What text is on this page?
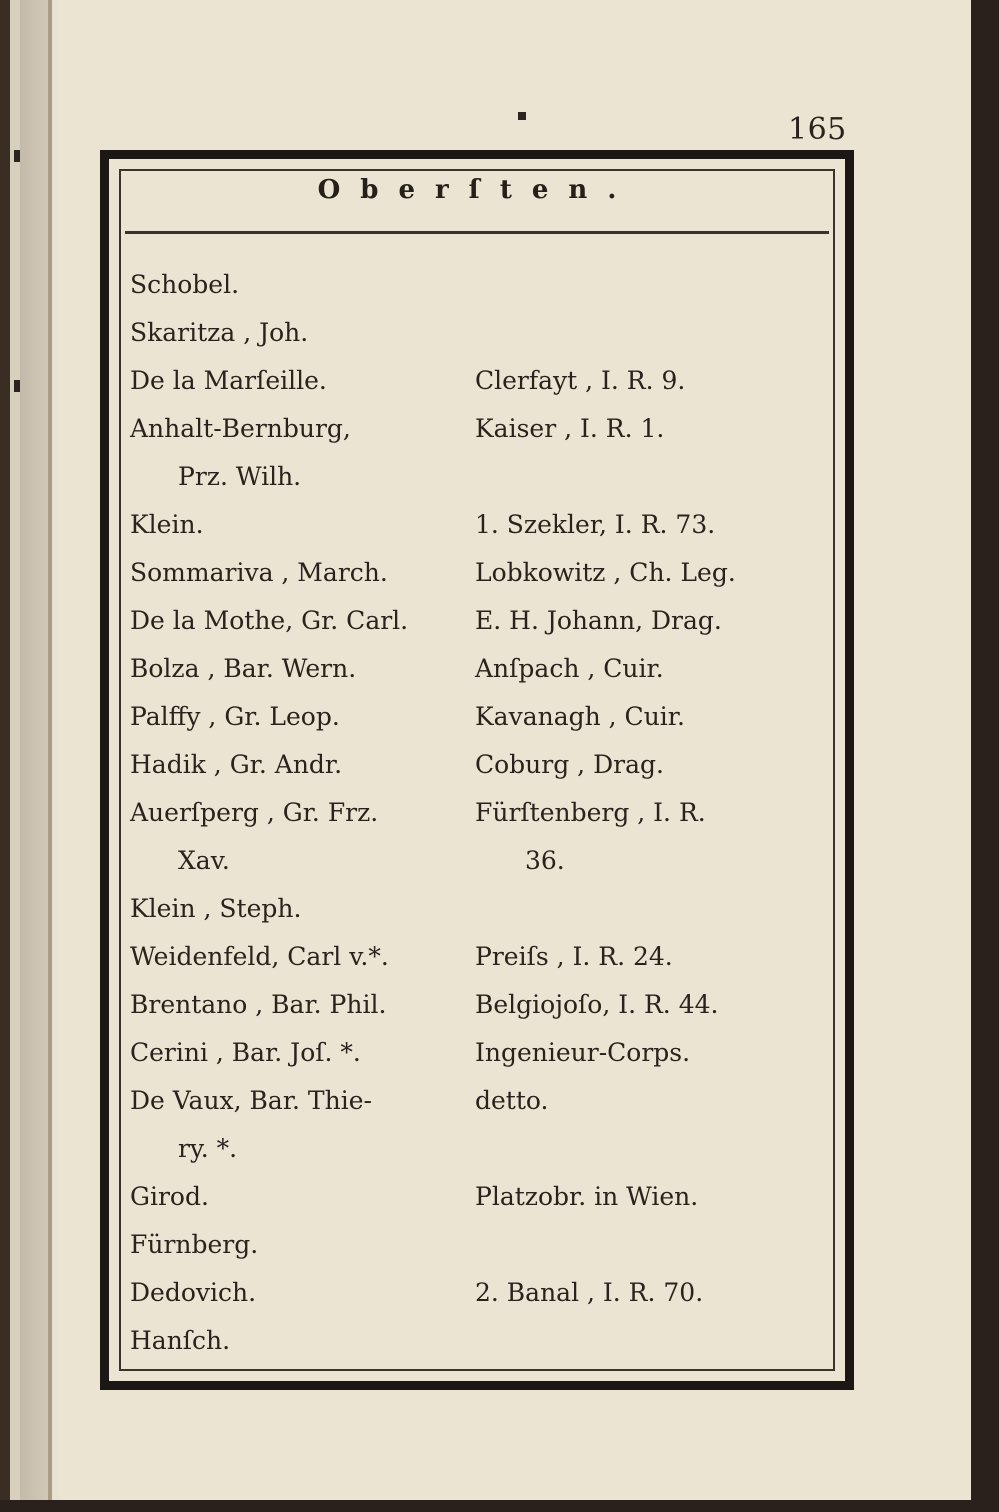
165
Oberſten.
Schobel.
Skaritza , Joh.
De la Marſeille.	Clerfayt , I. R. 9.
Anhalt-Bernburg,	Kaiser , I. R. 1.
Prz. Wilh.
Klein.	1. Szekler, I. R. 73.
Sommariva , March.	Lobkowitz , Ch. Leg.
De la Mothe, Gr. Carl.	E. H. Johann, Drag.
Bolza , Bar. Wern.	Anſpach , Cuir.
Palffy , Gr. Leop.	Kavanagh , Cuir.
Hadik , Gr. Andr.	Coburg , Drag.
Auerſperg , Gr. Frz.	Fürſtenberg , I. R.
Xav.	36.
Klein , Steph.
Weidenfeld, Carl v.*.	Preiſs , I. R. 24.
Brentano , Bar. Phil.	Belgiojoſo, I. R. 44.
Cerini , Bar. Joſ. *.	Ingenieur-Corps.
De Vaux, Bar. Thie-	detto.
ry. *.
Girod.	Platzobr. in Wien.
Fürnberg.
Dedovich.	2. Banal , I. R. 70.
Hanſch.
